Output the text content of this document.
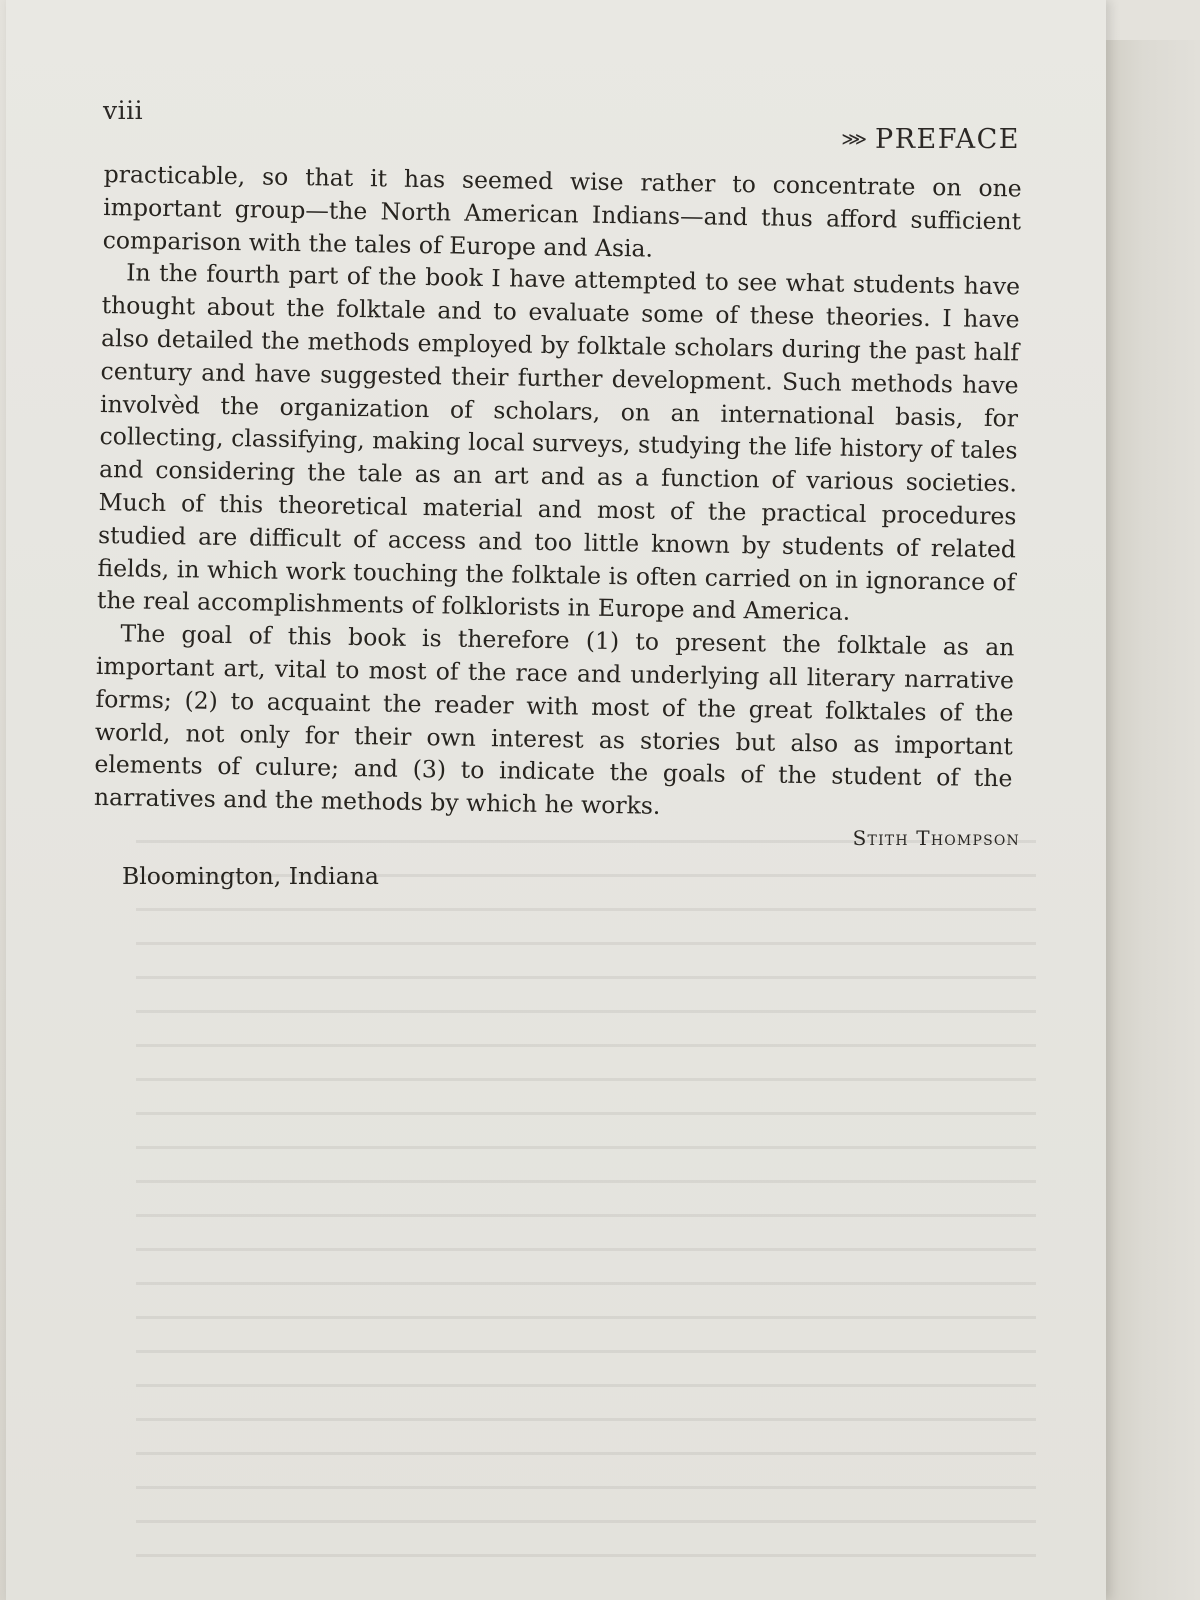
viii
⋙ PREFACE

practicable, so that it has seemed wise rather to concentrate on one important group—the North American Indians—and thus afford sufficient comparison with the tales of Europe and Asia.

In the fourth part of the book I have attempted to see what students have thought about the folktale and to evaluate some of these theories. I have also detailed the methods employed by folktale scholars during the past half century and have suggested their further development. Such methods have involvèd the organization of scholars, on an international basis, for collecting, classifying, making local surveys, studying the life history of tales and considering the tale as an art and as a function of various societies. Much of this theoretical material and most of the practical procedures studied are difficult of access and too little known by students of related fields, in which work touching the folktale is often carried on in ignorance of the real accomplishments of folklorists in Europe and America.

The goal of this book is therefore (1) to present the folktale as an important art, vital to most of the race and underlying all literary narrative forms; (2) to acquaint the reader with most of the great folktales of the world, not only for their own interest as stories but also as important elements of culure; and (3) to indicate the goals of the student of the narratives and the methods by which he works.

Stith Thompson
Bloomington, Indiana
